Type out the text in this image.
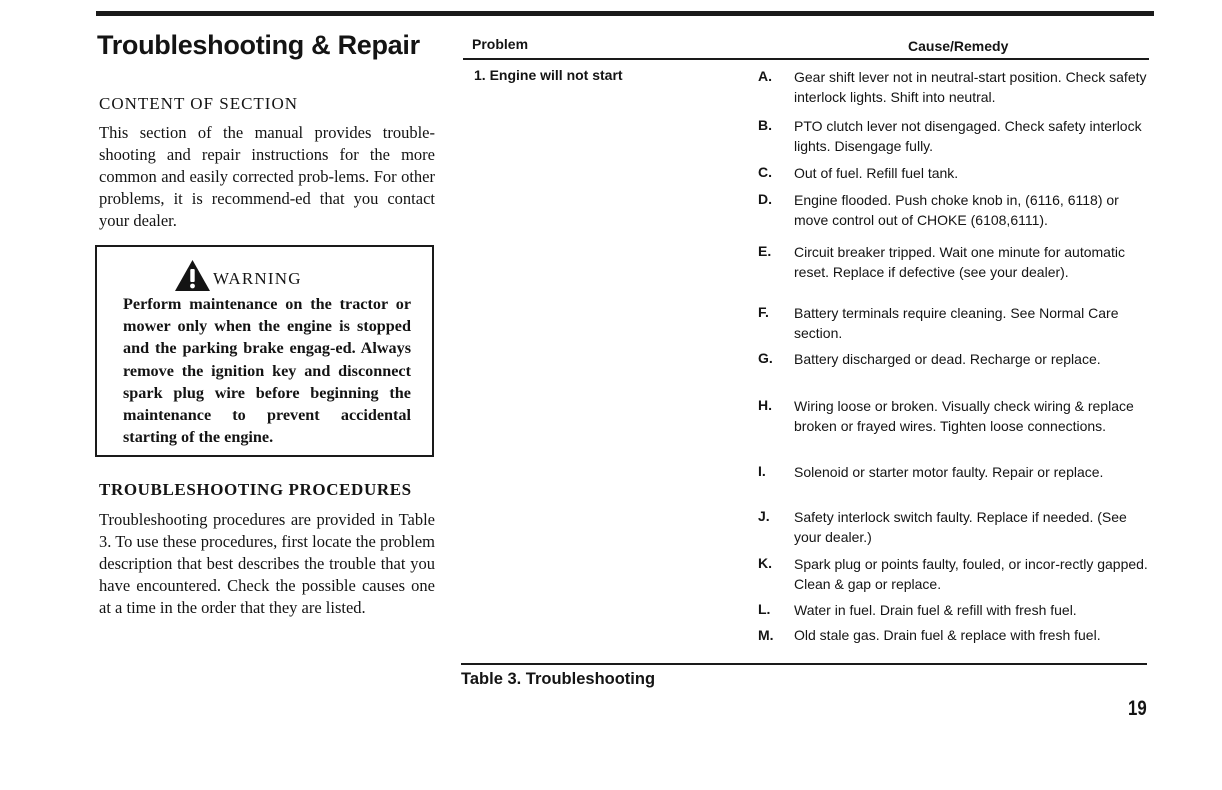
Troubleshooting & Repair
CONTENT OF SECTION

This section of the manual provides trouble-shooting and repair instructions for the more common and easily corrected prob-lems. For other problems, it is recommend-ed that you contact your dealer.

WARNING

Perform maintenance on the tractor or mower only when the engine is stopped and the parking brake engag-ed. Always remove the ignition key and disconnect spark plug wire before beginning the maintenance to prevent accidental starting of the engine.

TROUBLESHOOTING PROCEDURES

Troubleshooting procedures are provided in Table 3. To use these procedures, first locate the problem description that best describes the trouble that you have encountered. Check the possible causes one at a time in the order that they are listed.

Problem	Cause/Remedy
1. Engine will not start	A. Gear shift lever not in neutral-start position. Check safety interlock lights. Shift into neutral.

B. PTO clutch lever not disengaged. Check safety interlock lights. Disengage fully.

C. Out of fuel. Refill fuel tank.

D. Engine flooded. Push choke knob in, (6116, 6118) or move control out of CHOKE (6108,6111).

E. Circuit breaker tripped. Wait one minute for automatic reset. Replace if defective (see your dealer).

F. Battery terminals require cleaning. See Normal Care section.

G. Battery discharged or dead. Recharge or replace.

H. Wiring loose or broken. Visually check wiring & replace broken or frayed wires. Tighten loose connections.

I. Solenoid or starter motor faulty. Repair or replace.

J. Safety interlock switch faulty. Replace if needed. (See your dealer.)

K. Spark plug or points faulty, fouled, or incor-rectly gapped. Clean & gap or replace.

L. Water in fuel. Drain fuel & refill with fresh fuel.

M. Old stale gas. Drain fuel & replace with fresh fuel.

Table 3. Troubleshooting
19
